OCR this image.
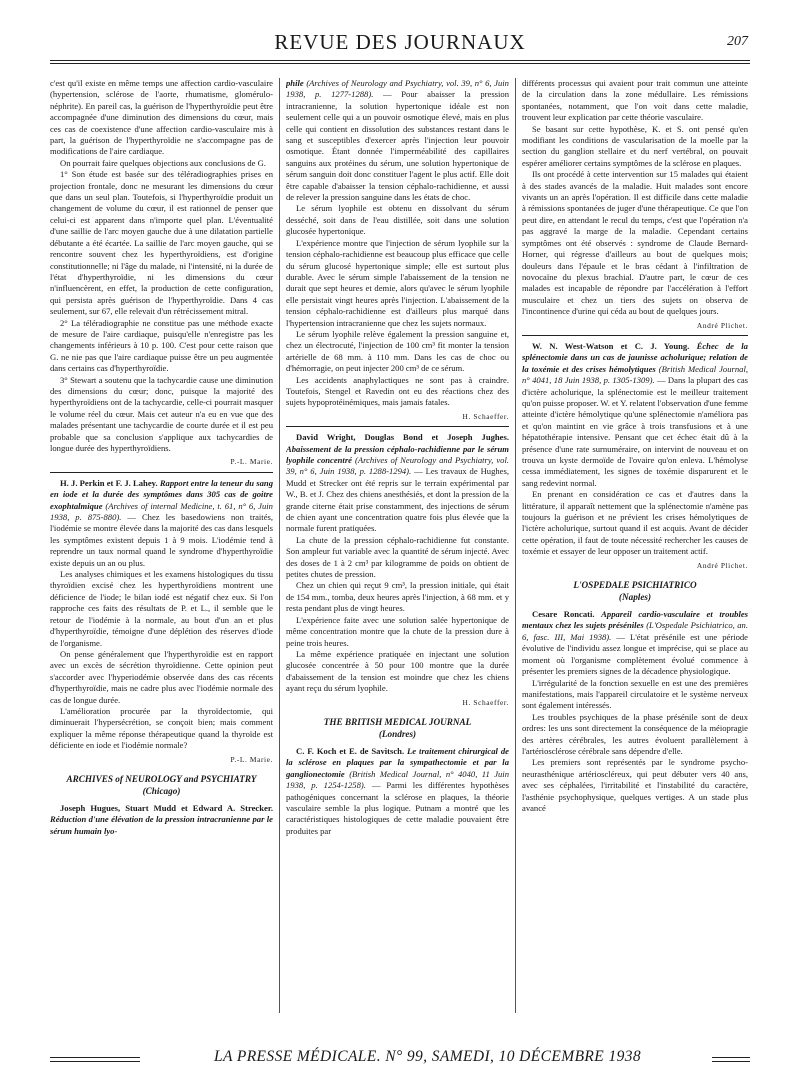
REVUE DES JOURNAUX	207

c'est qu'il existe en même temps une affection cardio-vasculaire (hypertension, sclérose de l'aorte, rhumatisme, glomérulo-néphrite). En pareil cas, la guérison de l'hyperthyroïdie peut être accompagnée d'une diminution des dimensions du cœur, mais ces cas de coexistence d'une affection cardio-vasculaire mis à part, la guérison de l'hyperthyroïdie ne s'accompagne pas de modifications de l'aire cardiaque.

On pourrait faire quelques objections aux conclusions de G.

1° Son étude est basée sur des téléradiographies prises en projection frontale, donc ne mesurant les dimensions du cœur que dans un seul plan. Toutefois, si l'hyperthyroïdie produit un changement de volume du cœur, il est rationnel de penser que celui-ci est apparent dans n'importe quel plan. L'éventualité d'une saillie de l'arc moyen gauche due à une dilatation partielle débutante a été écartée. La saillie de l'arc moyen gauche, qui se rencontre souvent chez les hyperthyroïdiens, est d'origine constitutionnelle; ni l'âge du malade, ni l'intensité, ni la durée de l'état d'hyperthyroïdie, ni les dimensions du cœur n'influencèrent, en effet, la production de cette configuration, qui persista après guérison de l'hyperthyroïdie. Dans 4 cas seulement, sur 67, elle relevait d'un rétrécissement mitral.

2° La téléradiographie ne constitue pas une méthode exacte de mesure de l'aire cardiaque, puisqu'elle n'enregistre pas les changements inférieurs à 10 p. 100. C'est pour cette raison que G. ne nie pas que l'aire cardiaque puisse être un peu augmentée dans certains cas d'hyperthyroïdie.

3° Stewart a soutenu que la tachycardie cause une diminution des dimensions du cœur; donc, puisque la majorité des hyperthyroïdiens ont de la tachycardie, celle-ci pourrait masquer le volume réel du cœur. Mais cet auteur n'a eu en vue que des malades présentant une tachycardie de courte durée et il est peu probable que sa conclusion s'applique aux tachycardies de longue durée des hyperthyroïdiens.

P.-L. Marie.

H. J. Perkin et F. J. Lahey. Rapport entre la teneur du sang en iode et la durée des symptômes dans 305 cas de goitre exophtalmique (Archives of internal Medicine, t. 61, n° 6, Juin 1938, p. 875-880). — Chez les basedowiens non traités, l'iodémie se montre élevée dans la majorité des cas dans lesquels les symptômes existent depuis 1 à 9 mois. L'iodémie tend à reprendre un taux normal quand le syndrome d'hyperthyroïdie existe depuis un an ou plus.

Les analyses chimiques et les examens histologiques du tissu thyroïdien excisé chez les hyperthyroïdiens montrent une déficience de l'iode; le bilan iodé est négatif chez eux. Si l'on rapproche ces faits des résultats de P. et L., il semble que le retour de l'iodémie à la normale, au bout d'un an et plus d'hyperthyroïdie, témoigne d'une déplétion des réserves d'iode de l'organisme.

On pense généralement que l'hyperthyroïdie est en rapport avec un excès de sécrétion thyroïdienne. Cette opinion peut s'accorder avec l'hyperiodémie observée dans des cas récents d'hyperthyroïdie, mais ne cadre plus avec l'iodémie normale des cas de longue durée.

L'amélioration procurée par la thyroïdectomie, qui diminuerait l'hypersécrétion, se conçoit bien; mais comment expliquer la même réponse thérapeutique quand la thyroïde est déficiente en iode et l'iodémie normale?

P.-L. Marie.
ARCHIVES of NEUROLOGY and PSYCHIATRY
(Chicago)

Joseph Hugues, Stuart Mudd et Edward A. Strecker. Réduction d'une élévation de la pression intracranienne par le sérum humain lyo-

phile (Archives of Neurology and Psychiatry, vol. 39, n° 6, Juin 1938, p. 1277-1288). — Pour abaisser la pression intracranienne, la solution hypertonique idéale est non seulement celle qui a un pouvoir osmotique élevé, mais en plus celle qui contient en dissolution des substances restant dans le sang et susceptibles d'exercer après l'injection leur pouvoir osmotique. Étant donnée l'imperméabilité des capillaires sanguins aux protéines du sérum, une solution hypertonique de sérum sanguin doit donc constituer l'agent le plus actif. Elle doit être capable d'abaisser la tension céphalo-rachidienne, et aussi de relever la pression sanguine dans les états de choc.

Le sérum lyophile est obtenu en dissolvant du sérum desséché, soit dans de l'eau distillée, soit dans une solution glucosée hypertonique.

L'expérience montre que l'injection de sérum lyophile sur la tension céphalo-rachidienne est beaucoup plus efficace que celle du sérum glucosé hypertonique simple; elle est surtout plus durable. Avec le sérum simple l'abaissement de la tension ne durait que sept heures et demie, alors qu'avec le sérum lyophile elle persistait vingt heures après l'injection. L'abaissement de la tension céphalo-rachidienne est d'ailleurs plus marqué dans l'hypertension intracranienne que chez les sujets normaux.

Le sérum lyophile relève également la pression sanguine et, chez un électrocuté, l'injection de 100 cm³ fit monter la tension artérielle de 68 mm. à 110 mm. Dans les cas de choc ou d'hémorragie, on peut injecter 200 cm³ de ce sérum.

Les accidents anaphylactiques ne sont pas à craindre. Toutefois, Stengel et Ravedin ont eu des réactions chez des sujets hypoprotéinémiques, mais jamais fatales.

H. Schaeffer.

David Wright, Douglas Bond et Joseph Jughes. Abaissement de la pression céphalo-rachidienne par le sérum lyophile concentré (Archives of Neurology and Psychiatry, vol. 39, n° 6, Juin 1938, p. 1288-1294). — Les travaux de Hughes, Mudd et Strecker ont été repris sur le terrain expérimental par W., B. et J. Chez des chiens anesthésiés, et dont la pression de la grande citerne était prise constamment, des injections de sérum de chien ayant une concentration quatre fois plus élevée que la normale furent pratiquées.

La chute de la pression céphalo-rachidienne fut constante. Son ampleur fut variable avec la quantité de sérum injecté. Avec des doses de 1 à 2 cm³ par kilogramme de poids on obtient de petites chutes de pression.

Chez un chien qui reçut 9 cm³, la pression initiale, qui était de 154 mm., tomba, deux heures après l'injection, à 68 mm. et y resta pendant plus de vingt heures.

L'expérience faite avec une solution salée hypertonique de même concentration montre que la chute de la pression dure à peine trois heures.

La même expérience pratiquée en injectant une solution glucosée concentrée à 50 pour 100 montre que la durée d'abaissement de la tension est moindre que chez les chiens ayant reçu du sérum lyophile.

H. Schaeffer.
THE BRITISH MEDICAL JOURNAL
(Londres)

C. F. Koch et E. de Savitsch. Le traitement chirurgical de la sclérose en plaques par la sympathectomie et par la ganglionectomie (British Medical Journal, n° 4040, 11 Juin 1938, p. 1254-1258). — Parmi les différentes hypothèses pathogéniques concernant la sclérose en plaques, la théorie vasculaire semble la plus logique. Putnam a montré que les caractéristiques histologiques de cette maladie pouvaient être produites par

différents processus qui avaient pour trait commun une atteinte de la circulation dans la zone médullaire. Les rémissions spontanées, notamment, que l'on voit dans cette maladie, trouvent leur explication par cette théorie vasculaire.

Se basant sur cette hypothèse, K. et S. ont pensé qu'en modifiant les conditions de vascularisation de la moelle par la section du ganglion stellaire et du nerf vertébral, on pouvait espérer améliorer certains symptômes de la sclérose en plaques.

Ils ont procédé à cette intervention sur 15 malades qui étaient à des stades avancés de la maladie. Huit malades sont encore vivants un an après l'opération. Il est difficile dans cette maladie à rémissions spontanées de juger d'une thérapeutique. Ce que l'on peut dire, en attendant le recul du temps, c'est que l'opération n'a pas aggravé la marge de la maladie. Cependant certains symptômes ont été observés : syndrome de Claude Bernard-Horner, qui régresse d'ailleurs au bout de quelques mois; douleurs dans l'épaule et le bras cédant à l'infiltration de novocaïne du plexus brachial. D'autre part, le cœur de ces malades est incapable de répondre par l'accélération à l'effort musculaire et chez un tiers des sujets on observa de l'incontinence d'urine qui céda au bout de quelques jours.

André Plichet.

W. N. West-Watson et C. J. Young. Échec de la splénectomie dans un cas de jaunisse acholurique; relation de la toxémie et des crises hémolytiques (British Medical Journal, n° 4041, 18 Juin 1938, p. 1305-1309). — Dans la plupart des cas d'ictère acholurique, la splénectomie est le meilleur traitement qu'on puisse proposer. W. et Y. relatent l'observation d'une femme atteinte d'ictère hémolytique qu'une splénectomie n'améliora pas et qu'on maintint en vie grâce à trois transfusions et à une hépatothérapie intensive. Pensant que cet échec était dû à la présence d'une rate surnuméraire, on intervint de nouveau et on trouva un kyste dermoïde de l'ovaire qu'on enleva. L'hémolyse cessa immédiatement, les signes de toxémie disparurent et le sang redevint normal.

En prenant en considération ce cas et d'autres dans la littérature, il apparaît nettement que la splénectomie n'amène pas toujours la guérison et ne prévient les crises hémolytiques de l'ictère acholurique, surtout quand il est acquis. Avant de décider cette opération, il faut de toute nécessité rechercher les causes de toxémie et essayer de leur opposer un traitement actif.

André Plichet.
L'OSPEDALE PSICHIATRICO
(Naples)

Cesare Roncati. Appareil cardio-vasculaire et troubles mentaux chez les sujets préséniles (L'Ospedale Psichiatrico, an. 6, fasc. III, Mai 1938). — L'état présénile est une période évolutive de l'individu assez longue et imprécise, qui se place au moment où l'organisme complètement évolué commence à présenter les premiers signes de la décadence physiologique.

L'irrégularité de la fonction sexuelle en est une des premières manifestations, mais l'appareil circulatoire et le système nerveux sont également intéressés.

Les troubles psychiques de la phase présénile sont de deux ordres: les uns sont directement la conséquence de la méiopragie des artères cérébrales, les autres évoluent parallèlement à l'artériosclérose cérébrale sans dépendre d'elle.

Les premiers sont représentés par le syndrome psycho-neurasthénique artérioscléreux, qui peut débuter vers 40 ans, avec ses céphalées, l'irritabilité et l'instabilité du caractère, l'asthénie psychophysique, quelques vertiges. A un stade plus avancé

LA PRESSE MÉDICALE. N° 99, SAMEDI, 10 DÉCEMBRE 1938
